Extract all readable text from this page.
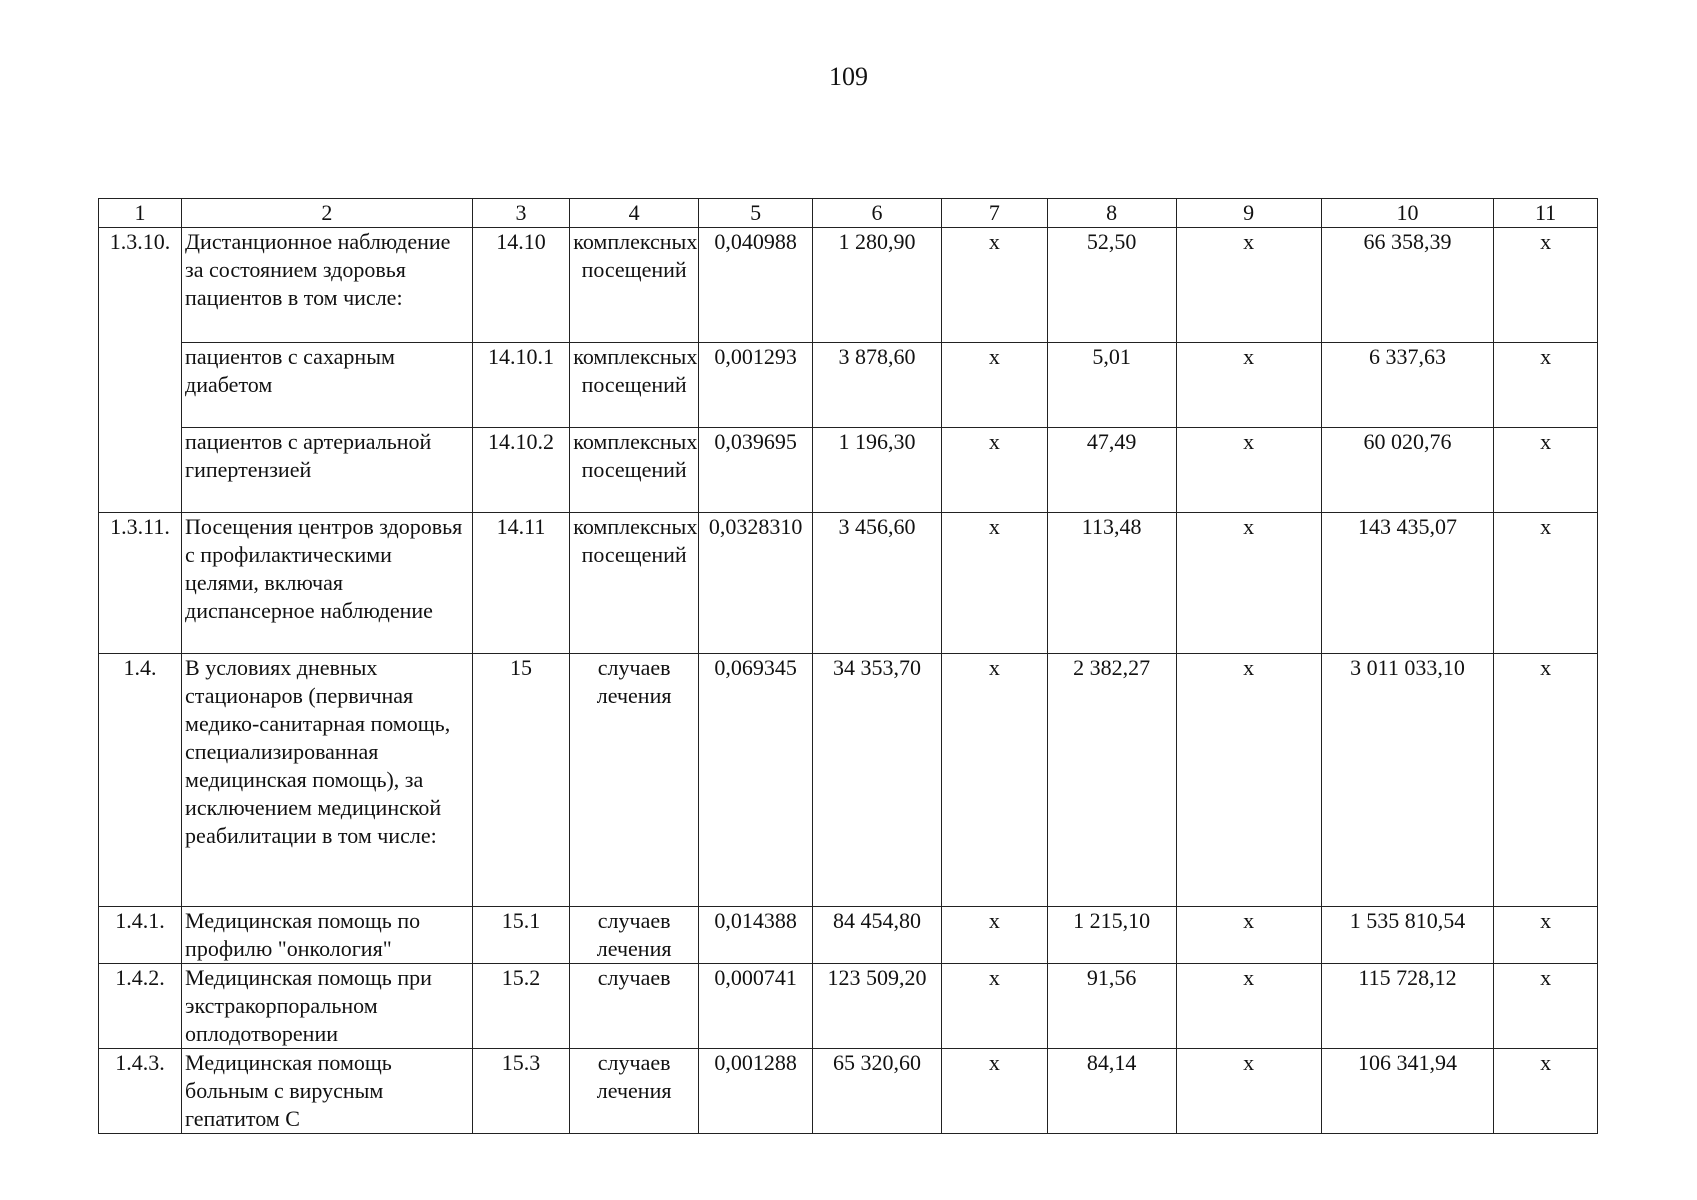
109
1	2	3	4	5	6	7	8	9	10	11
1.3.10.	Дистанционное наблюдение за состоянием здоровья пациентов в том числе:	14.10	комплексных посещений	0,040988	1 280,90	х	52,50	х	66 358,39	х
	пациентов с сахарным диабетом	14.10.1	комплексных посещений	0,001293	3 878,60	х	5,01	х	6 337,63	х
	пациентов с артериальной гипертензией	14.10.2	комплексных посещений	0,039695	1 196,30	х	47,49	х	60 020,76	х
1.3.11.	Посещения центров здоровья с профилактическими целями, включая диспансерное наблюдение	14.11	комплексных посещений	0,0328310	3 456,60	х	113,48	х	143 435,07	х
1.4.	В условиях дневных стационаров (первичная медико-санитарная помощь, специализированная медицинская помощь), за исключением медицинской реабилитации в том числе:	15	случаев лечения	0,069345	34 353,70	х	2 382,27	х	3 011 033,10	х
1.4.1.	Медицинская помощь по профилю "онкология"	15.1	случаев лечения	0,014388	84 454,80	х	1 215,10	х	1 535 810,54	х
1.4.2.	Медицинская помощь при экстракорпоральном оплодотворении	15.2	случаев	0,000741	123 509,20	х	91,56	х	115 728,12	х
1.4.3.	Медицинская помощь больным с вирусным гепатитом С	15.3	случаев лечения	0,001288	65 320,60	х	84,14	х	106 341,94	х
